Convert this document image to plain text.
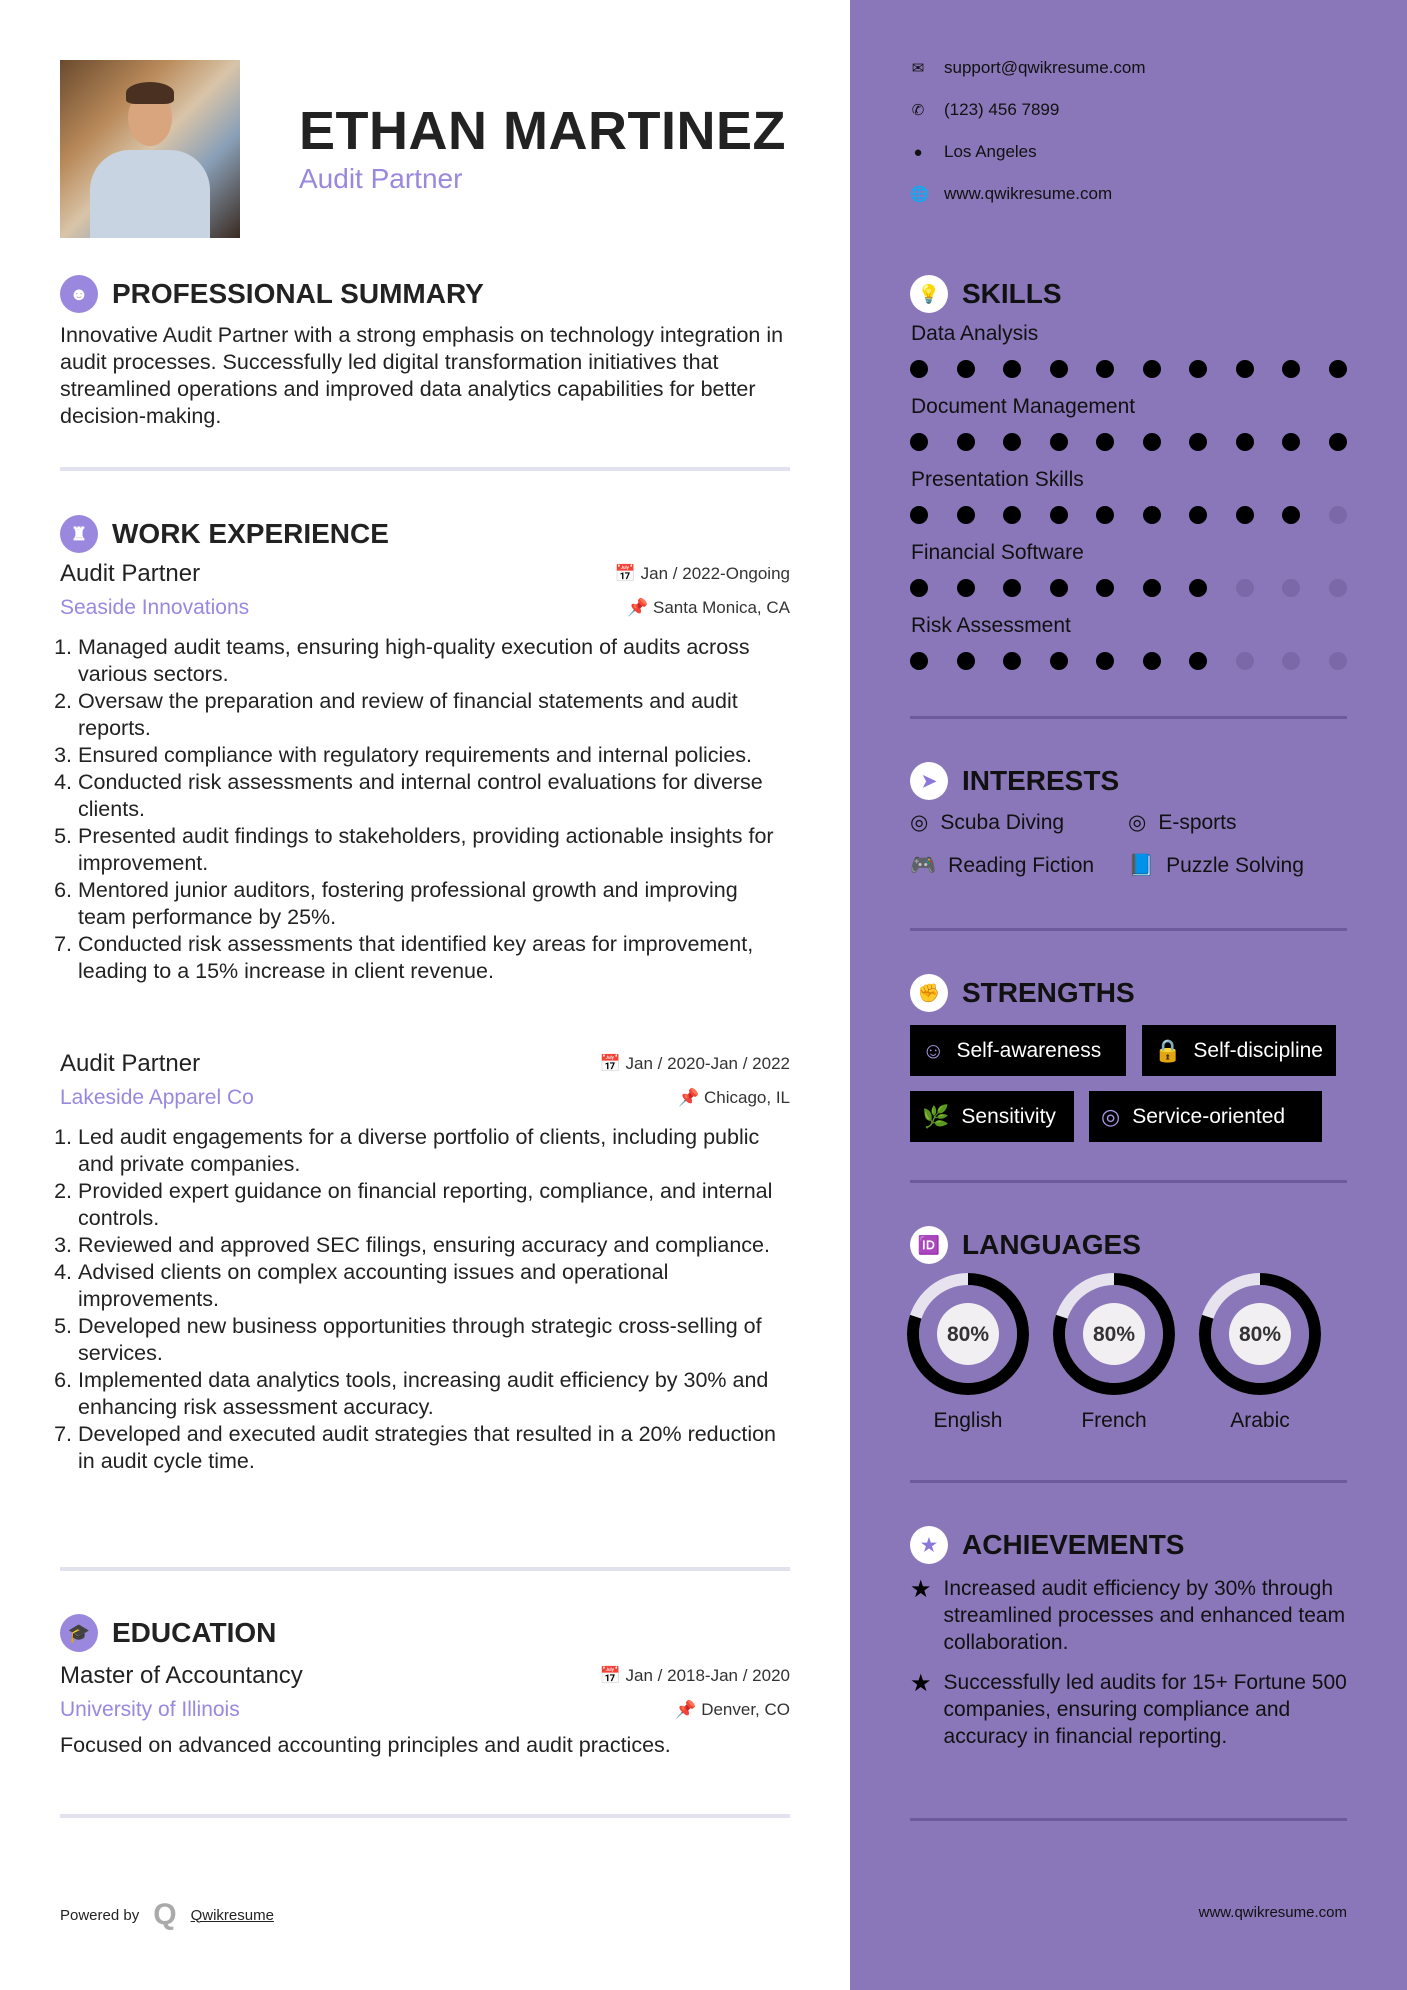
ETHAN MARTINEZ
Audit Partner
☻ PROFESSIONAL SUMMARY
Innovative Audit Partner with a strong emphasis on technology integration in audit processes. Successfully led digital transformation initiatives that streamlined operations and improved data analytics capabilities for better decision-making.
♜ WORK EXPERIENCE
Audit Partner	📅 Jan / 2022-Ongoing
Seaside Innovations	📌 Santa Monica, CA
1. Managed audit teams, ensuring high-quality execution of audits across various sectors.
2. Oversaw the preparation and review of financial statements and audit reports.
3. Ensured compliance with regulatory requirements and internal policies.
4. Conducted risk assessments and internal control evaluations for diverse clients.
5. Presented audit findings to stakeholders, providing actionable insights for improvement.
6. Mentored junior auditors, fostering professional growth and improving team performance by 25%.
7. Conducted risk assessments that identified key areas for improvement, leading to a 15% increase in client revenue.
Audit Partner	📅 Jan / 2020-Jan / 2022
Lakeside Apparel Co	📌 Chicago, IL
1. Led audit engagements for a diverse portfolio of clients, including public and private companies.
2. Provided expert guidance on financial reporting, compliance, and internal controls.
3. Reviewed and approved SEC filings, ensuring accuracy and compliance.
4. Advised clients on complex accounting issues and operational improvements.
5. Developed new business opportunities through strategic cross-selling of services.
6. Implemented data analytics tools, increasing audit efficiency by 30% and enhancing risk assessment accuracy.
7. Developed and executed audit strategies that resulted in a 20% reduction in audit cycle time.
🎓 EDUCATION
Master of Accountancy	📅 Jan / 2018-Jan / 2020
University of Illinois	📌 Denver, CO
Focused on advanced accounting principles and audit practices.
Powered by Q Qwikresume
✉ support@qwikresume.com
✆ (123) 456 7899
● Los Angeles
🌐 www.qwikresume.com
💡 SKILLS
Data Analysis
Document Management
Presentation Skills
Financial Software
Risk Assessment
➤ INTERESTS
◎ Scuba Diving	◎ E-sports
🎮 Reading Fiction 📘 Puzzle Solving
✊ STRENGTHS
☺ Self-awareness 🔒 Self-discipline
🌿 Sensitivity ◎ Service-oriented
🆔 LANGUAGES
80%
English
80%
French
80%
Arabic
★ ACHIEVEMENTS
★ Increased audit efficiency by 30% through streamlined processes and enhanced team collaboration.
★ Successfully led audits for 15+ Fortune 500 companies, ensuring compliance and accuracy in financial reporting.
www.qwikresume.com
